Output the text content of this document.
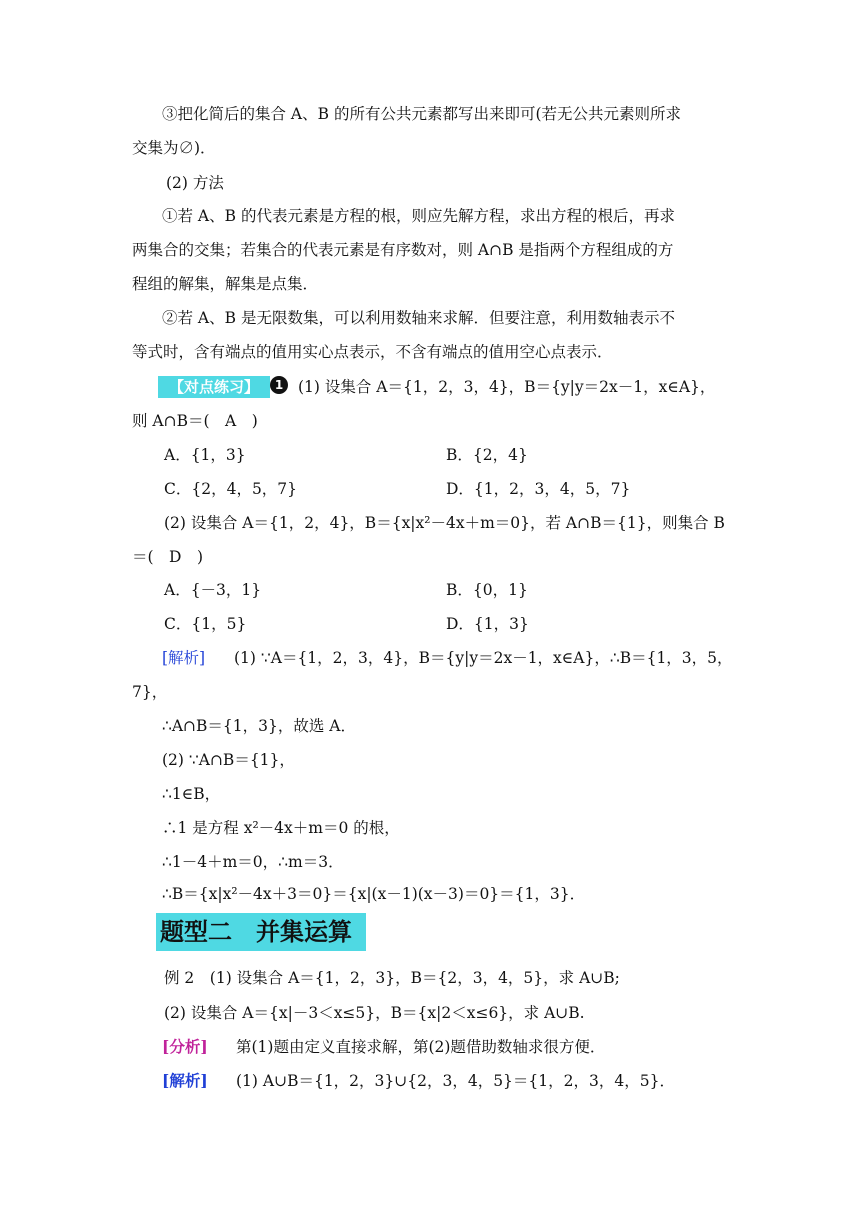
③把化简后的集合 A、B 的所有公共元素都写出来即可(若无公共元素则所求
交集为∅)．
(2) 方法
①若 A、B 的代表元素是方程的根，则应先解方程，求出方程的根后，再求
两集合的交集；若集合的代表元素是有序数对，则 A∩B 是指两个方程组成的方
程组的解集，解集是点集．
②若 A、B 是无限数集，可以利用数轴来求解．但要注意，利用数轴表示不
等式时，含有端点的值用实心点表示，不含有端点的值用空心点表示．
【对点练习】	1 (1) 设集合 A＝{1，2，3，4}，B＝{y|y＝2x－1，x∈A}，
则 A∩B＝(　A　)
A．{1，3}	B．{2，4}
C．{2，4，5，7}	D．{1，2，3，4，5，7}
(2) 设集合 A＝{1，2，4}，B＝{x|x²－4x＋m＝0}，若 A∩B＝{1}，则集合 B
＝(　D　)
A．{－3，1}	B．{0，1}
C．{1，5}	D．{1，3}
[解析] (1) ∵A＝{1，2，3，4}，B＝{y|y＝2x－1，x∈A}，∴B＝{1，3，5，
7}，
∴A∩B＝{1，3}，故选 A．
(2) ∵A∩B＝{1}，
∴1∈B，
∴1 是方程 x²－4x＋m＝0 的根，
∴1－4＋m＝0，∴m＝3．
∴B＝{x|x²－4x＋3＝0}＝{x|(x－1)(x－3)＝0}＝{1，3}．
题型二　并集运算
例 2　(1) 设集合 A＝{1，2，3}，B＝{2，3，4，5}，求 A∪B;
(2) 设集合 A＝{x|－3＜x≤5}，B＝{x|2＜x≤6}，求 A∪B.
[分析] 第(1)题由定义直接求解，第(2)题借助数轴求很方便．
[解析] (1) A∪B＝{1，2，3}∪{2，3，4，5}＝{1，2，3，4，5}．
